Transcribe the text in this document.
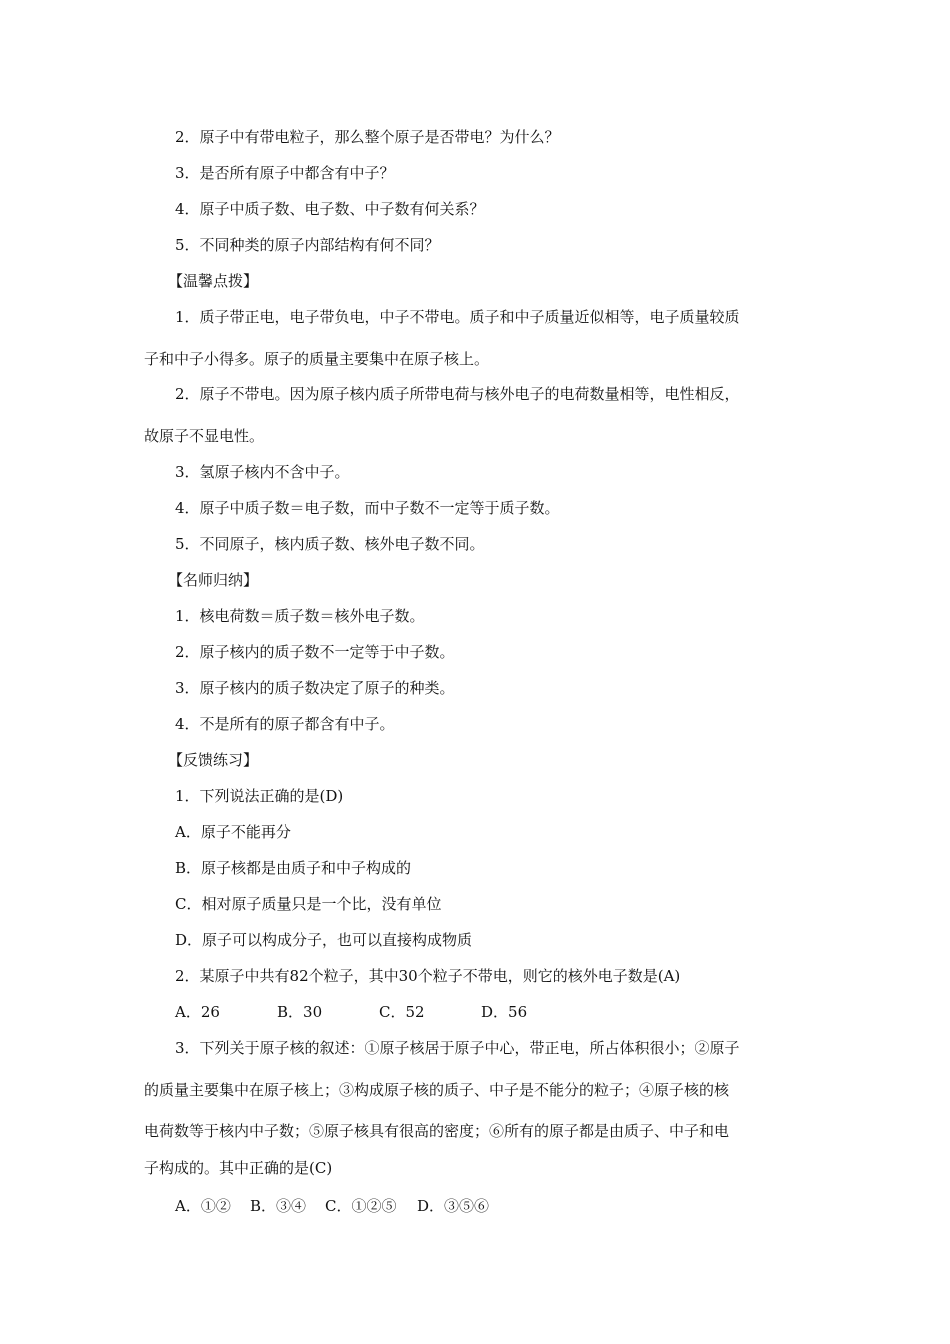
2．原子中有带电粒子，那么整个原子是否带电？为什么？
3．是否所有原子中都含有中子？
4．原子中质子数、电子数、中子数有何关系？
5．不同种类的原子内部结构有何不同？
【温馨点拨】
1．质子带正电，电子带负电，中子不带电。质子和中子质量近似相等，电子质量较质
子和中子小得多。原子的质量主要集中在原子核上。
2．原子不带电。因为原子核内质子所带电荷与核外电子的电荷数量相等，电性相反，
故原子不显电性。
3．氢原子核内不含中子。
4．原子中质子数＝电子数，而中子数不一定等于质子数。
5．不同原子，核内质子数、核外电子数不同。
【名师归纳】
1．核电荷数＝质子数＝核外电子数。
2．原子核内的质子数不一定等于中子数。
3．原子核内的质子数决定了原子的种类。
4．不是所有的原子都含有中子。
【反馈练习】
1．下列说法正确的是(D)
A．原子不能再分
B．原子核都是由质子和中子构成的
C．相对原子质量只是一个比，没有单位
D．原子可以构成分子，也可以直接构成物质
2．某原子中共有82个粒子，其中30个粒子不带电，则它的核外电子数是(A)
A．26	B．30	C．52	D．56
3．下列关于原子核的叙述：①原子核居于原子中心，带正电，所占体积很小；②原子
的质量主要集中在原子核上；③构成原子核的质子、中子是不能分的粒子；④原子核的核
电荷数等于核内中子数；⑤原子核具有很高的密度；⑥所有的原子都是由质子、中子和电
子构成的。其中正确的是(C)
A．①② B．③④ C．①②⑤ D．③⑤⑥
